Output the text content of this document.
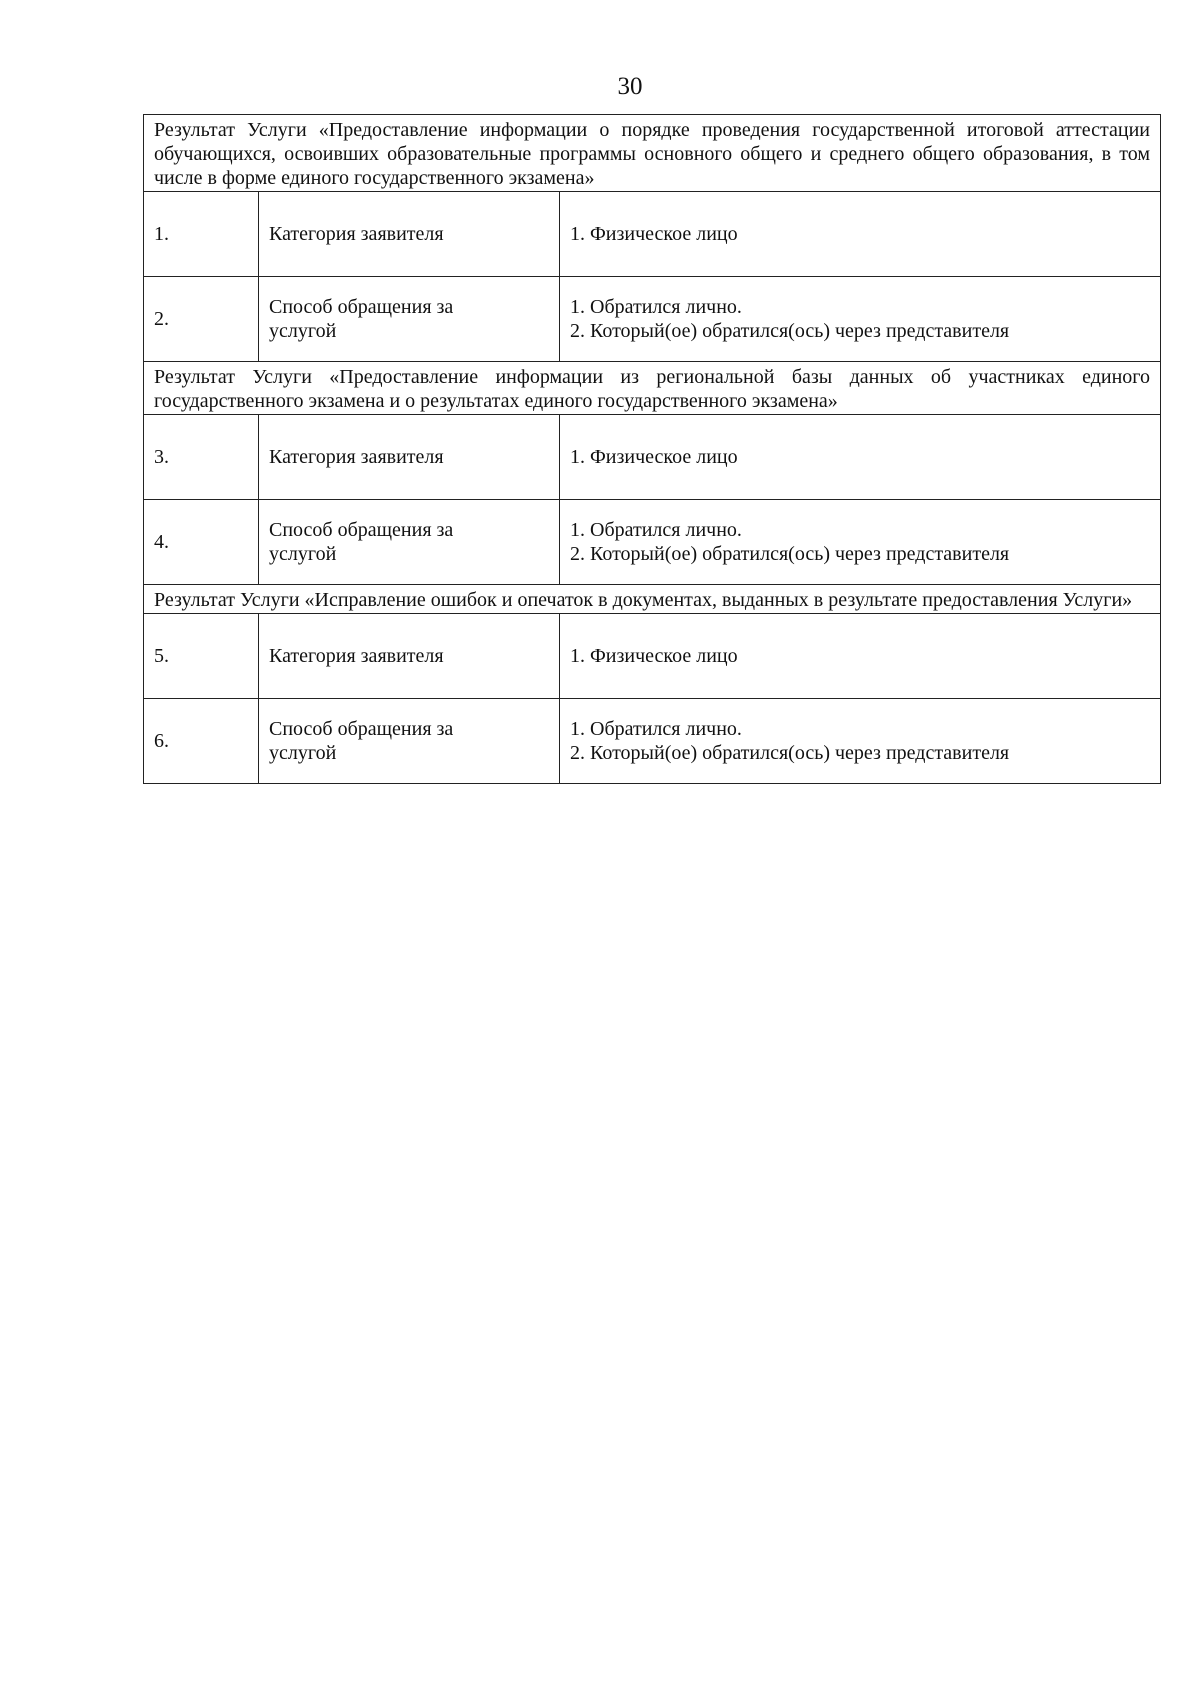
30
Результат Услуги «Предоставление информации о порядке проведения государственной итоговой аттестации обучающихся, освоивших образовательные программы основного общего и среднего общего образования, в том числе в форме единого государственного экзамена»		
1.	Категория заявителя	1. Физическое лицо

2.	Способ обращения за услугой	1. Обратился лично.
2. Который(ое) обратился(ось) через представителя

Результат Услуги «Предоставление информации из региональной базы данных об участниках единого государственного экзамена и о результатах единого государственного экзамена»		
3.	Категория заявителя	1. Физическое лицо

4.	Способ обращения за услугой	1. Обратился лично.
2. Который(ое) обратился(ось) через представителя

Результат Услуги «Исправление ошибок и опечаток в документах, выданных в результате предоставления Услуги»		
5.	Категория заявителя	1. Физическое лицо

6.	Способ обращения за услугой	1. Обратился лично.
2. Который(ое) обратился(ось) через представителя
